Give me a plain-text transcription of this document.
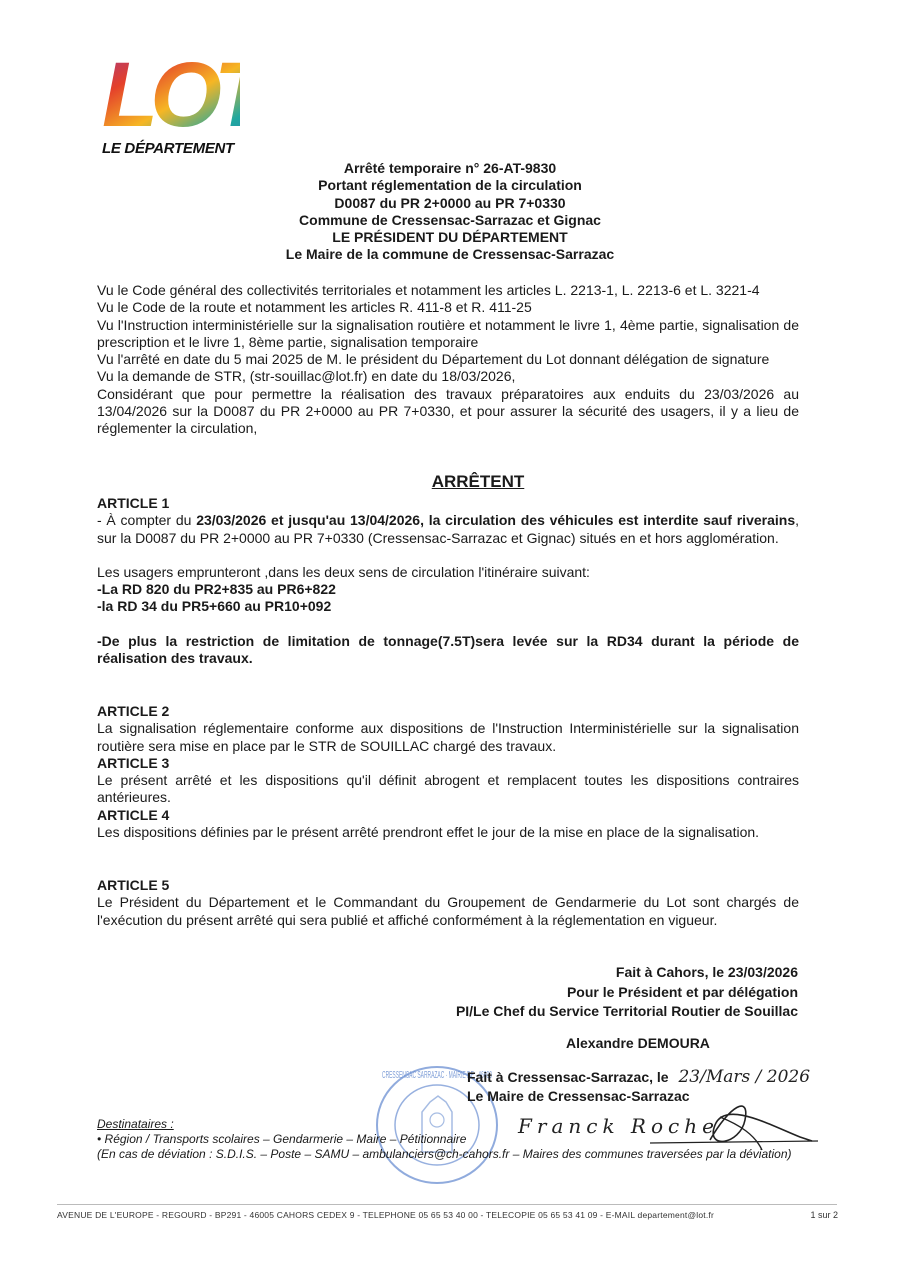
LO
LE DÉPARTEMENT
Arrêté temporaire n° 26-AT-9830
Portant réglementation de la circulation
D0087 du PR 2+0000 au PR 7+0330
Commune de Cressensac-Sarrazac et Gignac
LE PRÉSIDENT DU DÉPARTEMENT
Le Maire de la commune de Cressensac-Sarrazac
Vu le Code général des collectivités territoriales et notamment les articles L. 2213-1, L. 2213-6 et L. 3221-4
Vu le Code de la route et notamment les articles R. 411-8 et R. 411-25
Vu l'Instruction interministérielle sur la signalisation routière et notamment le livre 1, 4ème partie, signalisation de prescription et le livre 1, 8ème partie, signalisation temporaire
Vu l'arrêté en date du 5 mai 2025 de M. le président du Département du Lot donnant délégation de signature
Vu la demande de STR, (str-souillac@lot.fr) en date du 18/03/2026,
Considérant que pour permettre la réalisation des travaux préparatoires aux enduits du 23/03/2026 au 13/04/2026 sur la D0087 du PR 2+0000 au PR 7+0330, et pour assurer la sécurité des usagers, il y a lieu de réglementer la circulation,
ARRÊTENT
ARTICLE 1
- À compter du 23/03/2026 et jusqu'au 13/04/2026, la circulation des véhicules est interdite sauf riverains, sur la D0087 du PR 2+0000 au PR 7+0330 (Cressensac-Sarrazac et Gignac) situés en et hors agglomération.
Les usagers emprunteront ,dans les deux sens de circulation l'itinéraire suivant:
-La RD 820 du PR2+835 au PR6+822
-la RD 34 du PR5+660 au PR10+092
-De plus la restriction de limitation de tonnage(7.5T)sera levée sur la RD34 durant la période de réalisation des travaux.
ARTICLE 2
La signalisation réglementaire conforme aux dispositions de l'Instruction Interministérielle sur la signalisation routière sera mise en place par le STR de SOUILLAC chargé des travaux.
ARTICLE 3
Le présent arrêté et les dispositions qu'il définit abrogent et remplacent toutes les dispositions contraires antérieures.
ARTICLE 4
Les dispositions définies par le présent arrêté prendront effet le jour de la mise en place de la signalisation.
ARTICLE 5
Le Président du Département et le Commandant du Groupement de Gendarmerie du Lot sont chargés de l'exécution du présent arrêté qui sera publié et affiché conformément à la réglementation en vigueur.
Fait à Cahors, le 23/03/2026
Pour le Président et par délégation
PI/Le Chef du Service Territorial Routier de Souillac
Alexandre DEMOURA
CRESSENSAC SARRAZAC · MAIRIE DE · 46600
Fait à Cressensac-Sarrazac, le 23/Mars / 2026
Le Maire de Cressensac-Sarrazac
Franck Roche
Destinataires :
• Région / Transports scolaires – Gendarmerie – Maire – Pétitionnaire
(En cas de déviation : S.D.I.S. – Poste – SAMU – ambulanciers@ch-cahors.fr – Maires des communes traversées par la déviation)
AVENUE DE L'EUROPE - REGOURD - BP291 - 46005 CAHORS CEDEX 9 - TELEPHONE 05 65 53 40 00 - TELECOPIE 05 65 53 41 09 - E-MAIL departement@lot.fr	1 sur 2
